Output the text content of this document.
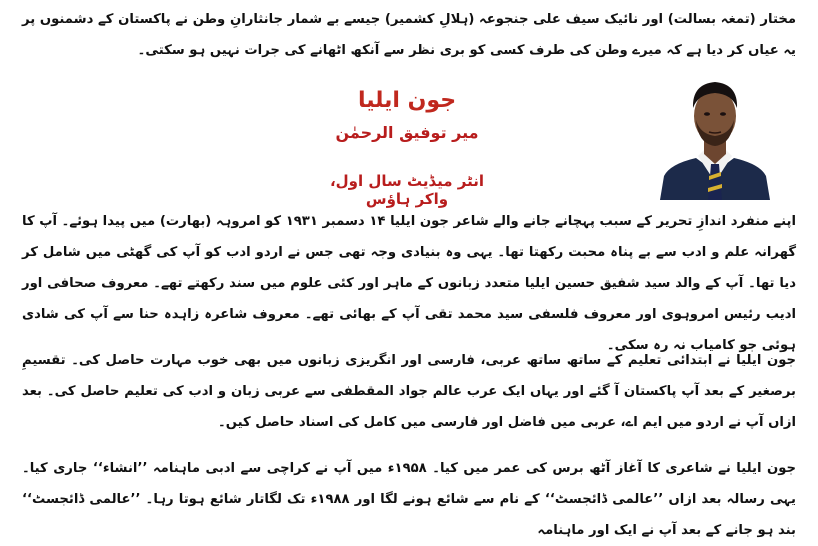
مختار (تمغہ بسالت) اور نائیک سیف علی جنجوعہ (ہلالِ کشمیر) جیسے بے شمار جانثارانِ وطن نے پاکستان کے دشمنوں پر یہ عیاں کر دیا ہے کہ میرے وطن کی طرف کسی کو بری نظر سے آنکھ اٹھانے کی جرات نہیں ہو سکتی۔
جون ایلیا
میر توفیق الرحمٰن
انٹر میڈیٹ سال اول، واکر ہاؤس
اپنے منفرد اندازِ تحریر کے سبب پہچانے جانے والے شاعر جون ایلیا ۱۴ دسمبر ۱۹۳۱ کو امروہہ (بھارت) میں پیدا ہوئے۔ آپ کا گھرانہ علم و ادب سے بے پناہ محبت رکھتا تھا۔ یہی وہ بنیادی وجہ تھی جس نے اردو ادب کو آپ کی گھٹی میں شامل کر دیا تھا۔ آپ کے والد سید شفیق حسین ایلیا متعدد زبانوں کے ماہر اور کئی علوم میں سند رکھتے تھے۔ معروف صحافی اور ادیب رئیس امروہوی اور معروف فلسفی سید محمد تقی آپ کے بھائی تھے۔ معروف شاعرہ زاہدہ حنا سے آپ کی شادی ہوئی جو کامیاب نہ رہ سکی۔
جون ایلیا نے ابتدائی تعلیم کے ساتھ ساتھ عربی، فارسی اور انگریزی زبانوں میں بھی خوب مہارت حاصل کی۔ تقسیمِ برصغیر کے بعد آپ پاکستان آ گئے اور یہاں ایک عرب عالم جواد المقطفی سے عربی زبان و ادب کی تعلیم حاصل کی۔ بعد ازاں آپ نے اردو میں ایم اے، عربی میں فاضل اور فارسی میں کامل کی اسناد حاصل کیں۔
جون ایلیا نے شاعری کا آغاز آٹھ برس کی عمر میں کیا۔ ۱۹۵۸ء میں آپ نے کراچی سے ادبی ماہنامہ ’’انشاء‘‘ جاری کیا۔ یہی رسالہ بعد ازاں ’’عالمی ڈائجسٹ‘‘ کے نام سے شائع ہونے لگا اور ۱۹۸۸ء تک لگاتار شائع ہوتا رہا۔ ’’عالمی ڈائجسٹ‘‘ بند ہو جانے کے بعد آپ نے ایک اور ماہنامہ
